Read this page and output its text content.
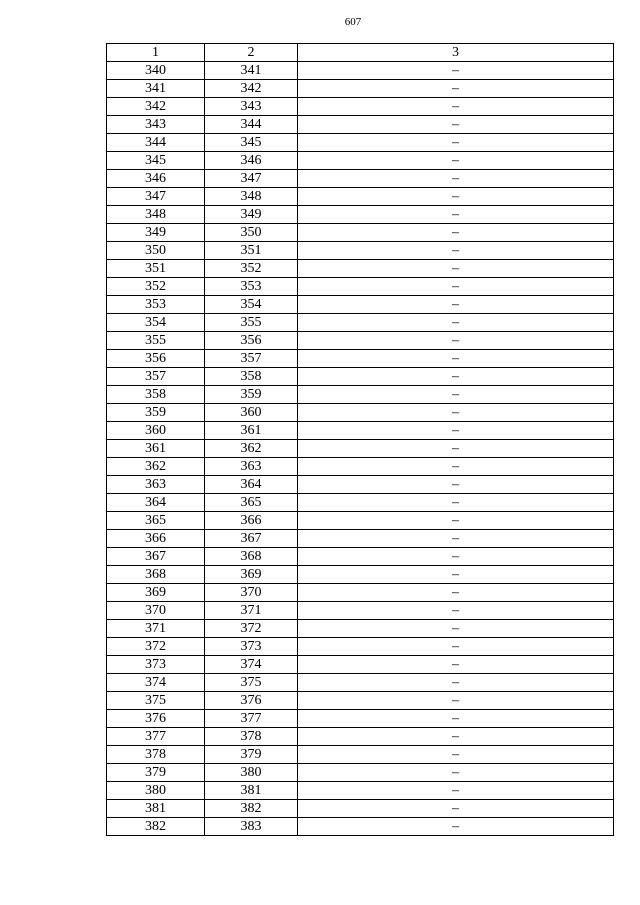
607
1	2	3
340	341	–
341	342	–
342	343	–
343	344	–
344	345	–
345	346	–
346	347	–
347	348	–
348	349	–
349	350	–
350	351	–
351	352	–
352	353	–
353	354	–
354	355	–
355	356	–
356	357	–
357	358	–
358	359	–
359	360	–
360	361	–
361	362	–
362	363	–
363	364	–
364	365	–
365	366	–
366	367	–
367	368	–
368	369	–
369	370	–
370	371	–
371	372	–
372	373	–
373	374	–
374	375	–
375	376	–
376	377	–
377	378	–
378	379	–
379	380	–
380	381	–
381	382	–
382	383	–
